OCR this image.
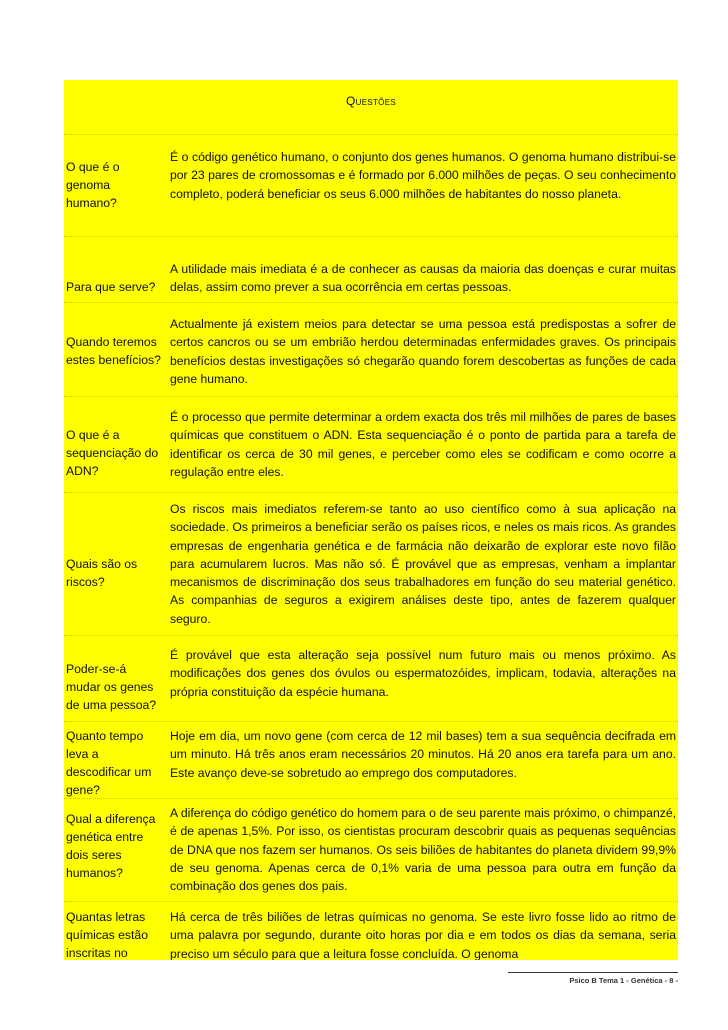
Questões
O que é o genoma humano?
É o código genético humano, o conjunto dos genes humanos. O genoma humano distribui-se por 23 pares de cromossomas e é formado por 6.000 milhões de peças. O seu conhecimento completo, poderá beneficiar os seus 6.000 milhões de habitantes do nosso planeta.
Para que serve?
A utilidade mais imediata é a de conhecer as causas da maioria das doenças e curar muitas delas, assim como prever a sua ocorrência em certas pessoas.
Quando teremos estes benefícios?
Actualmente já existem meios para detectar se uma pessoa está predispostas a sofrer de certos cancros ou se um embrião herdou determinadas enfermidades graves. Os principais benefícios destas investigações só chegarão quando forem descobertas as funções de cada gene humano.
O que é a sequenciação do ADN?
É o processo que permite determinar a ordem exacta dos três mil milhões de pares de bases químicas que constituem o ADN. Esta sequenciação é o ponto de partida para a tarefa de identificar os cerca de 30 mil genes, e perceber como eles se codificam e como ocorre a regulação entre eles.
Quais são os riscos?
Os riscos mais imediatos referem-se tanto ao uso científico como à sua aplicação na sociedade. Os primeiros a beneficiar serão os países ricos, e neles os mais ricos. As grandes empresas de engenharia genética e de farmácia não deixarão de explorar este novo filão para acumularem lucros. Mas não só. É provável que as empresas, venham a implantar mecanismos de discriminação dos seus trabalhadores em função do seu material genético. As companhias de seguros a exigirem análises deste tipo, antes de fazerem qualquer seguro.
Poder-se-á mudar os genes de uma pessoa?
É provável que esta alteração seja possível num futuro mais ou menos próximo. As modificações dos genes dos óvulos ou espermatozóides, implicam, todavia, alterações na própria constituição da espécie humana.
Quanto tempo leva a descodificar um gene?
Hoje em dia, um novo gene (com cerca de 12 mil bases) tem a sua sequência decifrada em um minuto. Há três anos eram necessários 20 minutos. Há 20 anos era tarefa para um ano. Este avanço deve-se sobretudo ao emprego dos computadores.
Qual a diferença genética entre dois seres humanos?
A diferença do código genético do homem para o de seu parente mais próximo, o chimpanzé, é de apenas 1,5%. Por isso, os cientistas procuram descobrir quais as pequenas sequências de DNA que nos fazem ser humanos. Os seis biliões de habitantes do planeta dividem 99,9% de seu genoma. Apenas cerca de 0,1% varia de uma pessoa para outra em função da combinação dos genes dos pais.
Quantas letras químicas estão inscritas no
Há cerca de três biliões de letras químicas no genoma. Se este livro fosse lido ao ritmo de uma palavra por segundo, durante oito horas por dia e em todos os dias da semana, seria preciso um século para que a leitura fosse concluída. O genoma
Psico B Tema 1 - Genética - 8 -
